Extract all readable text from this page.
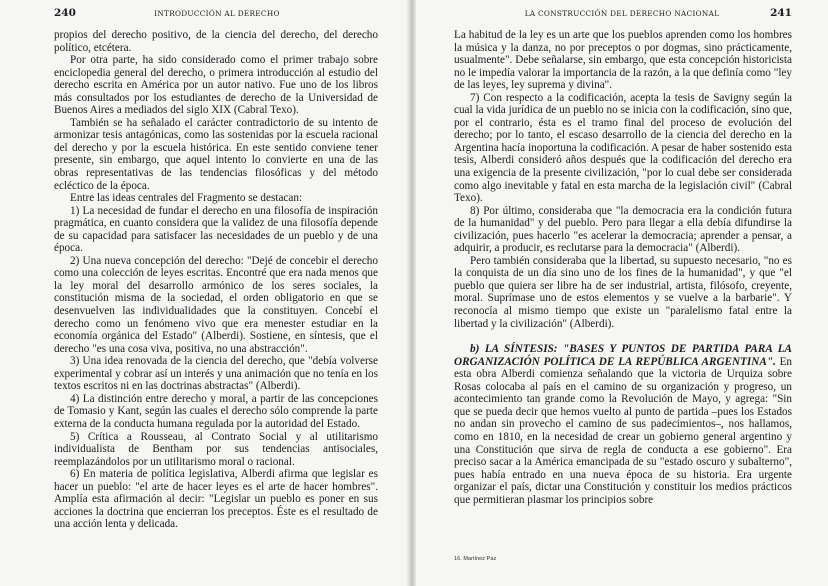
240	INTRODUCCIÓN AL DERECHO

propios del derecho positivo, de la ciencia del derecho, del derecho político, etcétera.

Por otra parte, ha sido considerado como el primer trabajo sobre enciclopedia general del derecho, o primera introducción al estudio del derecho escrita en América por un autor nativo. Fue uno de los libros más consultados por los estudiantes de derecho de la Universidad de Buenos Aires a mediados del siglo XIX (Cabral Texo).

También se ha señalado el carácter contradictorio de su intento de armonizar tesis antagónicas, como las sostenidas por la escuela racional del derecho y por la escuela histórica. En este sentido conviene tener presente, sin embargo, que aquel intento lo convierte en una de las obras representativas de las tendencias filosóficas y del método ecléctico de la época.

Entre las ideas centrales del Fragmento se destacan:

1) La necesidad de fundar el derecho en una filosofía de inspiración pragmática, en cuanto considera que la validez de una filosofía depende de su capacidad para satisfacer las necesidades de un pueblo y de una época.

2) Una nueva concepción del derecho: "Dejé de concebir el derecho como una colección de leyes escritas. Encontré que era nada menos que la ley moral del desarrollo armónico de los seres sociales, la constitución misma de la sociedad, el orden obligatorio en que se desenvuelven las individualidades que la constituyen. Concebí el derecho como un fenómeno vivo que era menester estudiar en la economía orgánica del Estado" (Alberdi). Sostiene, en síntesis, que el derecho "es una cosa viva, positiva, no una abstracción".

3) Una idea renovada de la ciencia del derecho, que "debía volverse experimental y cobrar así un interés y una animación que no tenía en los textos escritos ni en las doctrinas abstractas" (Alberdi).

4) La distinción entre derecho y moral, a partir de las concepciones de Tomasio y Kant, según las cuales el derecho sólo comprende la parte externa de la conducta humana regulada por la autoridad del Estado.

5) Crítica a Rousseau, al Contrato Social y al utilitarismo individualista de Bentham por sus tendencias antisociales, reemplazándolos por un utilitarismo moral o racional.

6) En materia de política legislativa, Alberdi afirma que legislar es hacer un pueblo: "el arte de hacer leyes es el arte de hacer hombres". Amplía esta afirmación al decir: "Legislar un pueblo es poner en sus acciones la doctrina que encierran los preceptos. Éste es el resultado de una acción lenta y delicada.

LA CONSTRUCCIÓN DEL DERECHO NACIONAL	241

La habitud de la ley es un arte que los pueblos aprenden como los hombres la música y la danza, no por preceptos o por dogmas, sino prácticamente, usualmente". Debe señalarse, sin embargo, que esta concepción historicista no le impedía valorar la importancia de la razón, a la que definía como "ley de las leyes, ley suprema y divina".

7) Con respecto a la codificación, acepta la tesis de Savigny según la cual la vida jurídica de un pueblo no se inicia con la codificación, sino que, por el contrario, ésta es el tramo final del proceso de evolución del derecho; por lo tanto, el escaso desarrollo de la ciencia del derecho en la Argentina hacía inoportuna la codificación. A pesar de haber sostenido esta tesis, Alberdi consideró años después que la codificación del derecho era una exigencia de la presente civilización, "por lo cual debe ser considerada como algo inevitable y fatal en esta marcha de la legislación civil" (Cabral Texo).

8) Por último, consideraba que "la democracia era la condición futura de la humanidad" y del pueblo. Pero para llegar a ella debía difundirse la civilización, pues hacerlo "es acelerar la democracia; aprender a pensar, a adquirir, a producir, es reclutarse para la democracia" (Alberdi).

Pero también consideraba que la libertad, su supuesto necesario, "no es la conquista de un día sino uno de los fines de la humanidad", y que "el pueblo que quiera ser libre ha de ser industrial, artista, filósofo, creyente, moral. Suprímase uno de estos elementos y se vuelve a la barbarie". Y reconocía al mismo tiempo que existe un "paralelismo fatal entre la libertad y la civilización" (Alberdi).

b) LA SÍNTESIS: "BASES Y PUNTOS DE PARTIDA PARA LA ORGANIZACIÓN POLÍTICA DE LA REPÚBLICA ARGENTINA". En esta obra Alberdi comienza señalando que la victoria de Urquiza sobre Rosas colocaba al país en el camino de su organización y progreso, un acontecimiento tan grande como la Revolución de Mayo, y agrega: "Sin que se pueda decir que hemos vuelto al punto de partida –pues los Estados no andan sin provecho el camino de sus padecimientos–, nos hallamos, como en 1810, en la necesidad de crear un gobierno general argentino y una Constitución que sirva de regla de conducta a ese gobierno". Era preciso sacar a la América emancipada de su "estado oscuro y subalterno", pues había entrado en una nueva época de su historia. Era urgente organizar el país, dictar una Constitución y constituir los medios prácticos que permitieran plasmar los principios sobre

16. Martínez Paz
